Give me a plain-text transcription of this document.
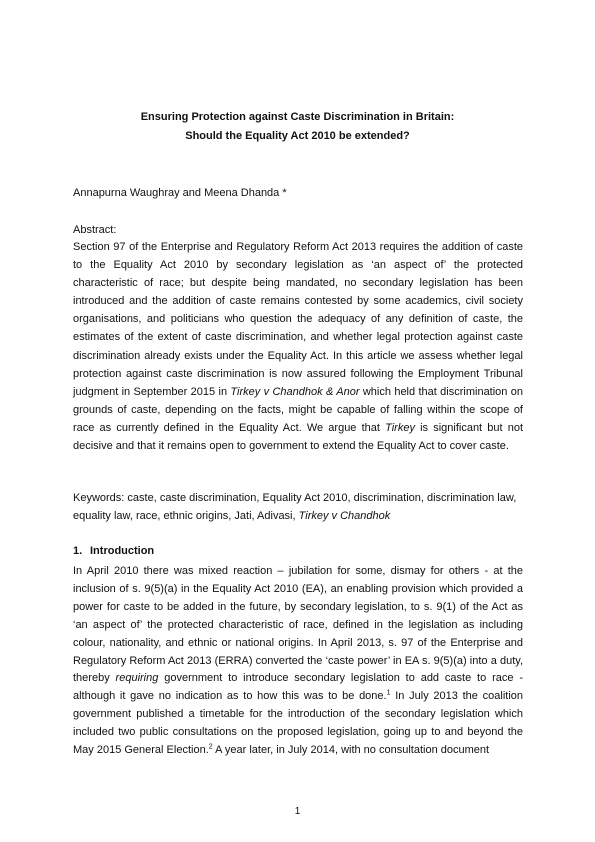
Ensuring Protection against Caste Discrimination in Britain:
Should the Equality Act 2010 be extended?
Annapurna Waughray and Meena Dhanda *
Abstract:
Section 97 of the Enterprise and Regulatory Reform Act 2013 requires the addition of caste to the Equality Act 2010 by secondary legislation as ‘an aspect of’ the protected characteristic of race; but despite being mandated, no secondary legislation has been introduced and the addition of caste remains contested by some academics, civil society organisations, and politicians who question the adequacy of any definition of caste, the estimates of the extent of caste discrimination, and whether legal protection against caste discrimination already exists under the Equality Act. In this article we assess whether legal protection against caste discrimination is now assured following the Employment Tribunal judgment in September 2015 in Tirkey v Chandhok & Anor which held that discrimination on grounds of caste, depending on the facts, might be capable of falling within the scope of race as currently defined in the Equality Act. We argue that Tirkey is significant but not decisive and that it remains open to government to extend the Equality Act to cover caste.
Keywords: caste, caste discrimination, Equality Act 2010, discrimination, discrimination law, equality law, race, ethnic origins, Jati, Adivasi, Tirkey v Chandhok
1. Introduction
In April 2010 there was mixed reaction – jubilation for some, dismay for others - at the inclusion of s. 9(5)(a) in the Equality Act 2010 (EA), an enabling provision which provided a power for caste to be added in the future, by secondary legislation, to s. 9(1) of the Act as ‘an aspect of’ the protected characteristic of race, defined in the legislation as including colour, nationality, and ethnic or national origins. In April 2013, s. 97 of the Enterprise and Regulatory Reform Act 2013 (ERRA) converted the ‘caste power’ in EA s. 9(5)(a) into a duty, thereby requiring government to introduce secondary legislation to add caste to race - although it gave no indication as to how this was to be done.$^1$ In July 2013 the coalition government published a timetable for the introduction of the secondary legislation which included two public consultations on the proposed legislation, going up to and beyond the May 2015 General Election.$^2$ A year later, in July 2014, with no consultation document
1
